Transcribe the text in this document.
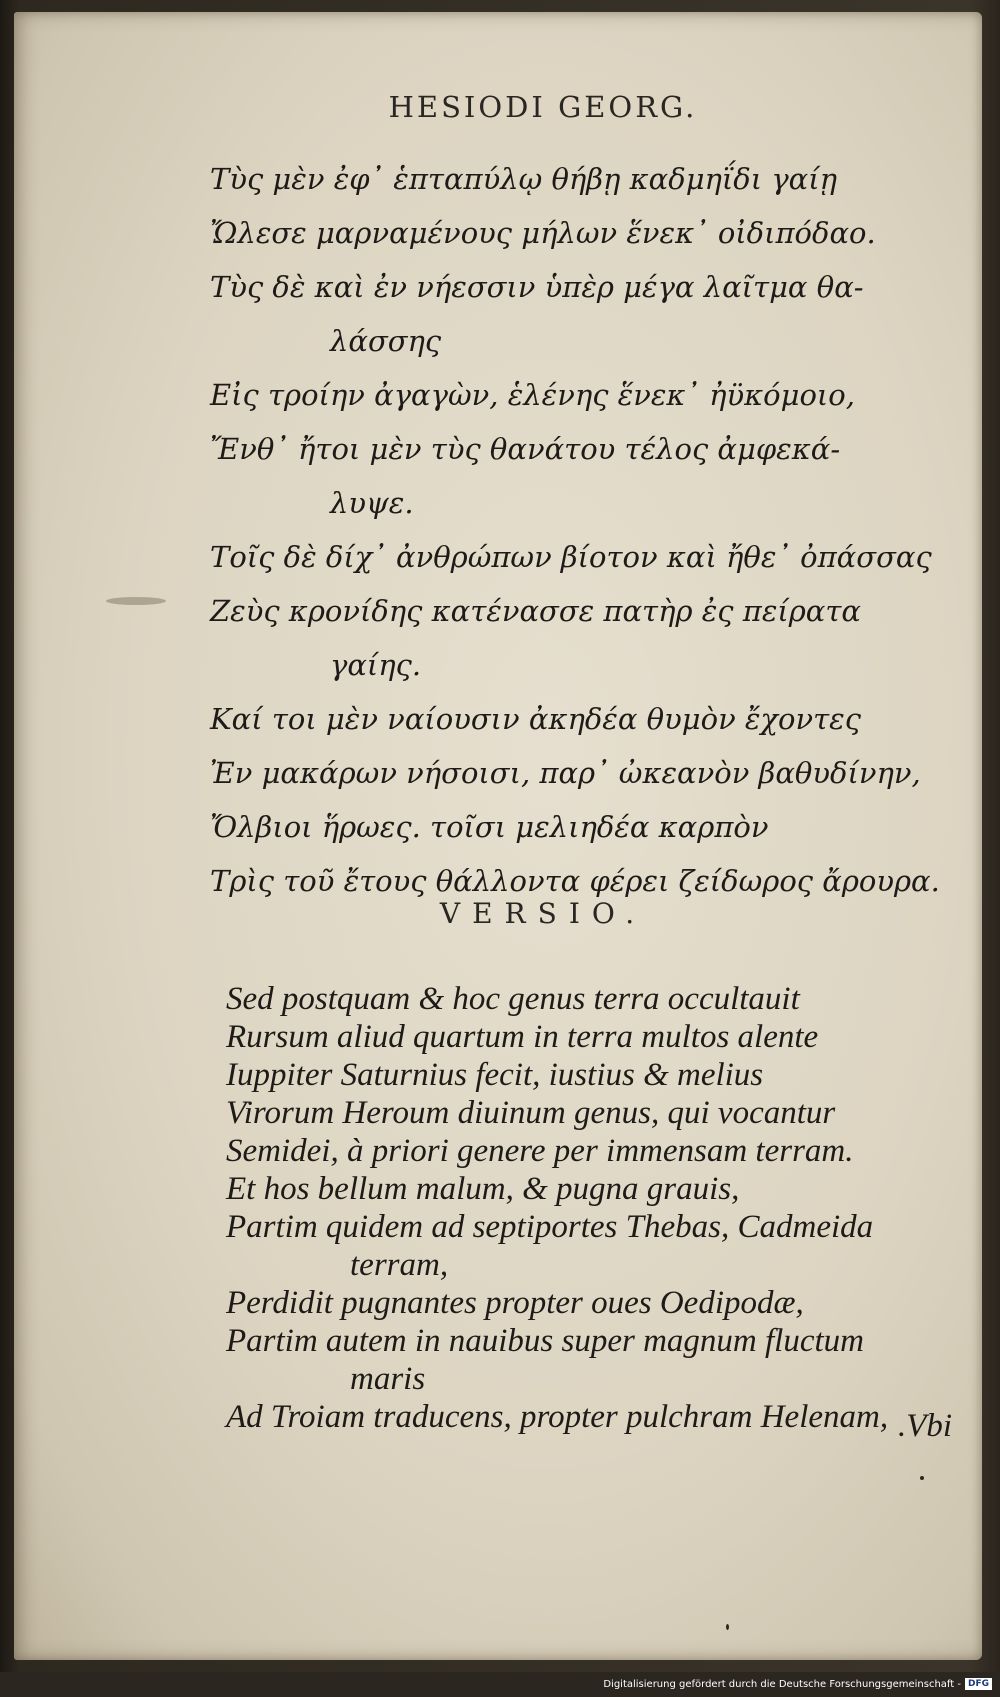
HESIODI GEORG.
Τὺς μὲν ἐφ᾽ ἑπταπύλῳ θήβῃ καδμηΐδι γαίῃ
Ὤλεσε μαρναμένους μήλων ἕνεκ᾽ οἰδιπόδαο.
Τὺς δὲ καὶ ἐν νήεσσιν ὑπὲρ μέγα λαῖτμα θα-
λάσσης
Εἰς τροίην ἀγαγὼν, ἑλένης ἕνεκ᾽ ἠϋκόμοιο,
Ἔνθ᾽ ἤτοι μὲν τὺς θανάτου τέλος ἀμφεκά-
λυψε.
Τοῖς δὲ δίχ᾽ ἀνθρώπων βίοτον καὶ ἤθε᾽ ὀπάσσας
Ζεὺς κρονίδης κατένασσε πατὴρ ἐς πείρατα
γαίης.
Καί τοι μὲν ναίουσιν ἀκηδέα θυμὸν ἔχοντες
Ἐν μακάρων νήσοισι, παρ᾽ ὠκεανὸν βαθυδίνην,
Ὄλβιοι ἥρωες. τοῖσι μελιηδέα καρπὸν
Τρὶς τοῦ ἔτους θάλλοντα φέρει ζείδωρος ἄρουρα.
VERSIO.
Sed postquam & hoc genus terra occultauit
Rursum aliud quartum in terra multos alente
Iuppiter Saturnius fecit, iustius & melius
Virorum Heroum diuinum genus, qui vocantur
Semidei, à priori genere per immensam terram.
Et hos bellum malum, & pugna grauis,
Partim quidem ad septiportes Thebas, Cadmeida
terram,
Perdidit pugnantes propter oues Oedipodæ,
Partim autem in nauibus super magnum fluctum
maris
Ad Troiam traducens, propter pulchram Helenam, .Vbi
Digitalisierung gefördert durch die Deutsche Forschungsgemeinschaft - DFG
